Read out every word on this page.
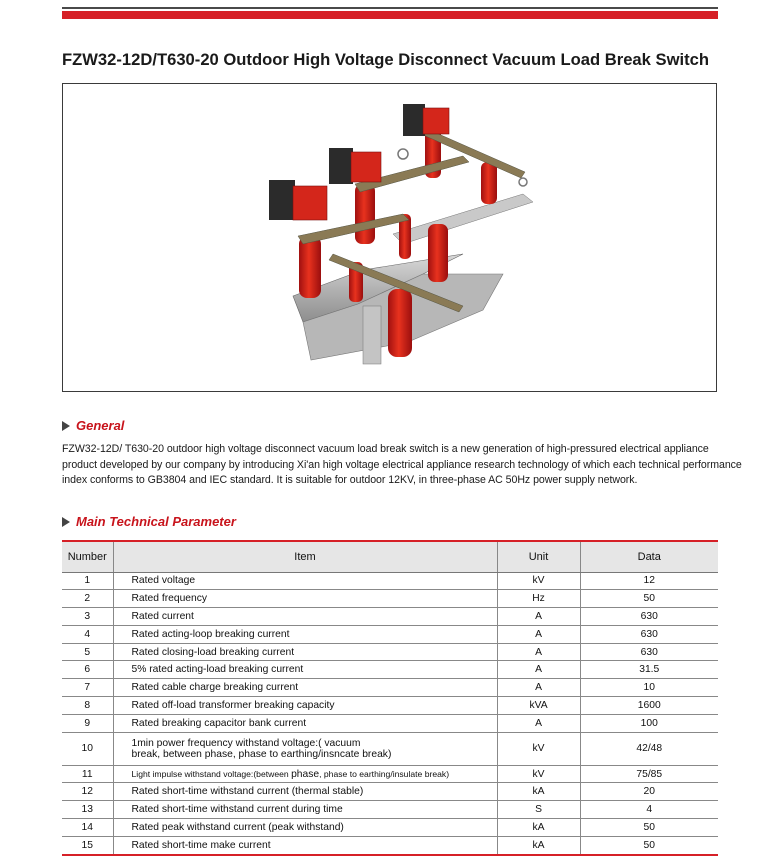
FZW32-12D/T630-20 Outdoor High Voltage Disconnect Vacuum Load Break Switch
General

FZW32-12D/ T630-20 outdoor high voltage disconnect vacuum load break switch is a new generation of high-pressured electrical appliance

product developed by our company by introducing Xi'an high voltage electrical appliance research technology of which each technical performance

index conforms to GB3804 and IEC standard. It is suitable for outdoor 12KV, in three-phase AC 50Hz power supply network.

Main Technical Parameter
Number	Item	Unit	Data
1	Rated voltage	kV	12
2	Rated frequency	Hz	50
3	Rated current	A	630
4	Rated acting-loop breaking current	A	630
5	Rated closing-load breaking current	A	630
6	5% rated acting-load breaking current	A	31.5
7	Rated cable charge breaking current	A	10
8	Rated off-load transformer breaking capacity	kVA	1600
9	Rated breaking capacitor bank current	A	100
10	1min power frequency withstand voltage:( vacuum
break, between phase, phase to earthing/insncate break)	kV	42/48
11	Light impulse withstand voltage:(between phase, phase to earthing/insulate break)	kV	75/85
12	Rated short-time withstand current (thermal stable)	kA	20
13	Rated short-time withstand current during time	S	4
14	Rated peak withstand current (peak withstand)	kA	50
15	Rated short-time make current	kA	50
